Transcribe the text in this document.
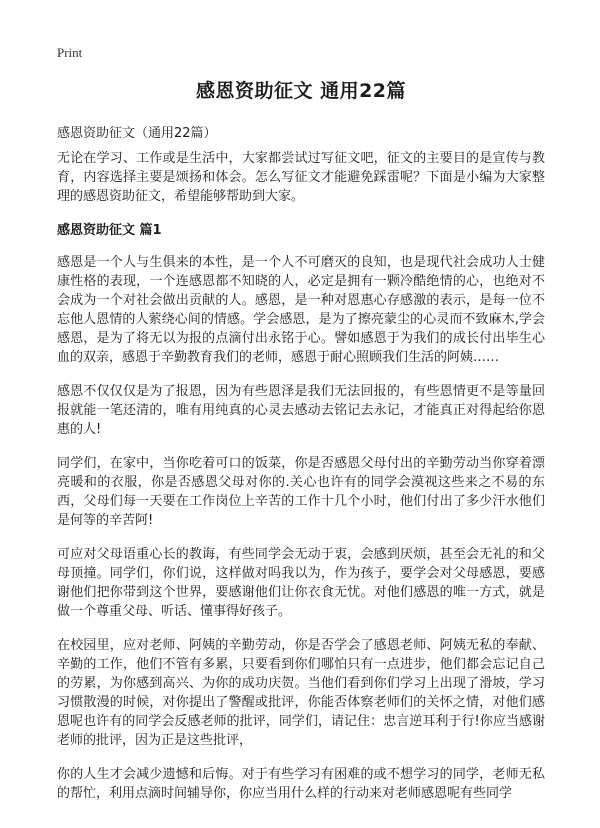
Print
感恩资助征文 通用22篇
感恩资助征文（通用22篇）

无论在学习、工作或是生活中，大家都尝试过写征文吧，征文的主要目的是宣传与教育，内容选择主要是颂扬和体会。怎么写征文才能避免踩雷呢？下面是小编为大家整理的感恩资助征文，希望能够帮助到大家。

感恩资助征文 篇1

感恩是一个人与生俱来的本性，是一个人不可磨灭的良知，也是现代社会成功人士健康性格的表现，一个连感恩都不知晓的人，必定是拥有一颗冷酷绝情的心，也绝对不会成为一个对社会做出贡献的人。感恩，是一种对恩惠心存感激的表示，是每一位不忘他人恩情的人萦绕心间的情感。学会感恩，是为了擦亮蒙尘的心灵而不致麻木,学会感恩，是为了将无以为报的点滴付出永铭于心。譬如感恩于为我们的成长付出毕生心血的双亲，感恩于辛勤教育我们的老师，感恩于耐心照顾我们生活的阿姨……

感恩不仅仅仅是为了报恩，因为有些恩泽是我们无法回报的，有些恩情更不是等量回报就能一笔还清的，唯有用纯真的心灵去感动去铭记去永记，才能真正对得起给你恩惠的人!

同学们，在家中，当你吃着可口的饭菜，你是否感恩父母付出的辛勤劳动当你穿着漂亮暖和的衣服，你是否感恩父母对你的.关心也许有的同学会漠视这些来之不易的东西，父母们每一天要在工作岗位上辛苦的工作十几个小时，他们付出了多少汗水他们是何等的辛苦阿!

可应对父母语重心长的教诲，有些同学会无动于衷，会感到厌烦，甚至会无礼的和父母顶撞。同学们，你们说，这样做对吗我以为，作为孩子，要学会对父母感恩，要感谢他们把你带到这个世界，要感谢他们让你衣食无忧。对他们感恩的唯一方式，就是做一个尊重父母、听话、懂事得好孩子。

在校园里，应对老师、阿姨的辛勤劳动，你是否学会了感恩老师、阿姨无私的奉献、辛勤的工作，他们不管有多累，只要看到你们哪怕只有一点进步，他们都会忘记自己的劳累，为你感到高兴、为你的成功庆贺。当他们看到你们学习上出现了滑坡，学习习惯散漫的时候，对你提出了警醒或批评，你能否体察老师们的关怀之情，对他们感恩呢也许有的同学会反感老师的批评，同学们，请记住：忠言逆耳利于行!你应当感谢老师的批评，因为正是这些批评，

你的人生才会减少遗憾和后悔。对于有些学习有困难的或不想学习的同学，老师无私的帮忙，利用点滴时间辅导你，你应当用什么样的行动来对老师感恩呢有些同学
